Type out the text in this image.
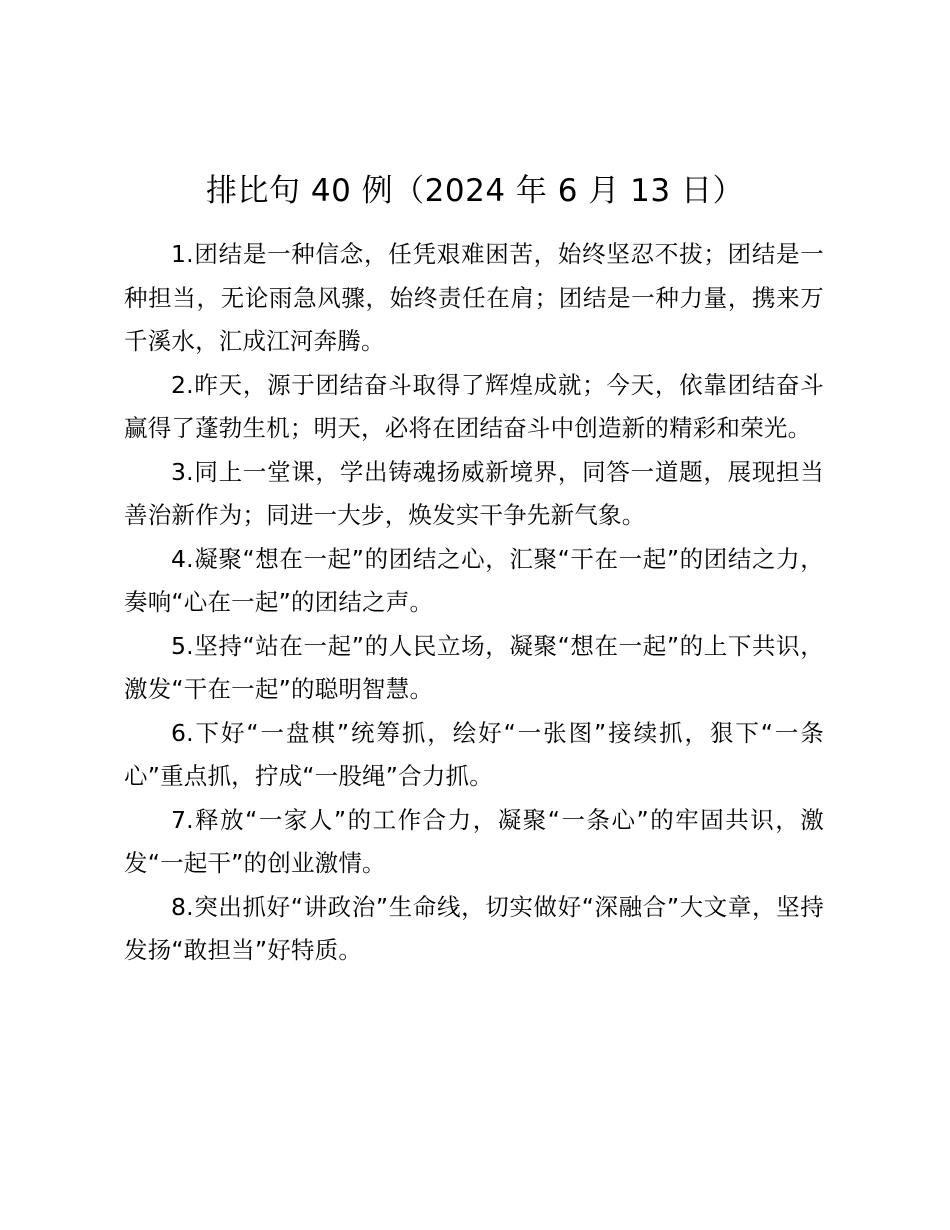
排比句 40 例（2024 年 6 月 13 日）

1.团结是一种信念，任凭艰难困苦，始终坚忍不拔；团结是一种担当，无论雨急风骤，始终责任在肩；团结是一种力量，携来万千溪水，汇成江河奔腾。

2.昨天，源于团结奋斗取得了辉煌成就；今天，依靠团结奋斗赢得了蓬勃生机；明天，必将在团结奋斗中创造新的精彩和荣光。

3.同上一堂课，学出铸魂扬威新境界，同答一道题，展现担当善治新作为；同进一大步，焕发实干争先新气象。

4.凝聚“想在一起”的团结之心，汇聚“干在一起”的团结之力，奏响“心在一起”的团结之声。

5.坚持“站在一起”的人民立场，凝聚“想在一起”的上下共识，激发“干在一起”的聪明智慧。

6.下好“一盘棋”统筹抓，绘好“一张图”接续抓，狠下“一条心”重点抓，拧成“一股绳”合力抓。

7.释放“一家人”的工作合力，凝聚“一条心”的牢固共识，激发“一起干”的创业激情。

8.突出抓好“讲政治”生命线，切实做好“深融合”大文章，坚持发扬“敢担当”好特质。
